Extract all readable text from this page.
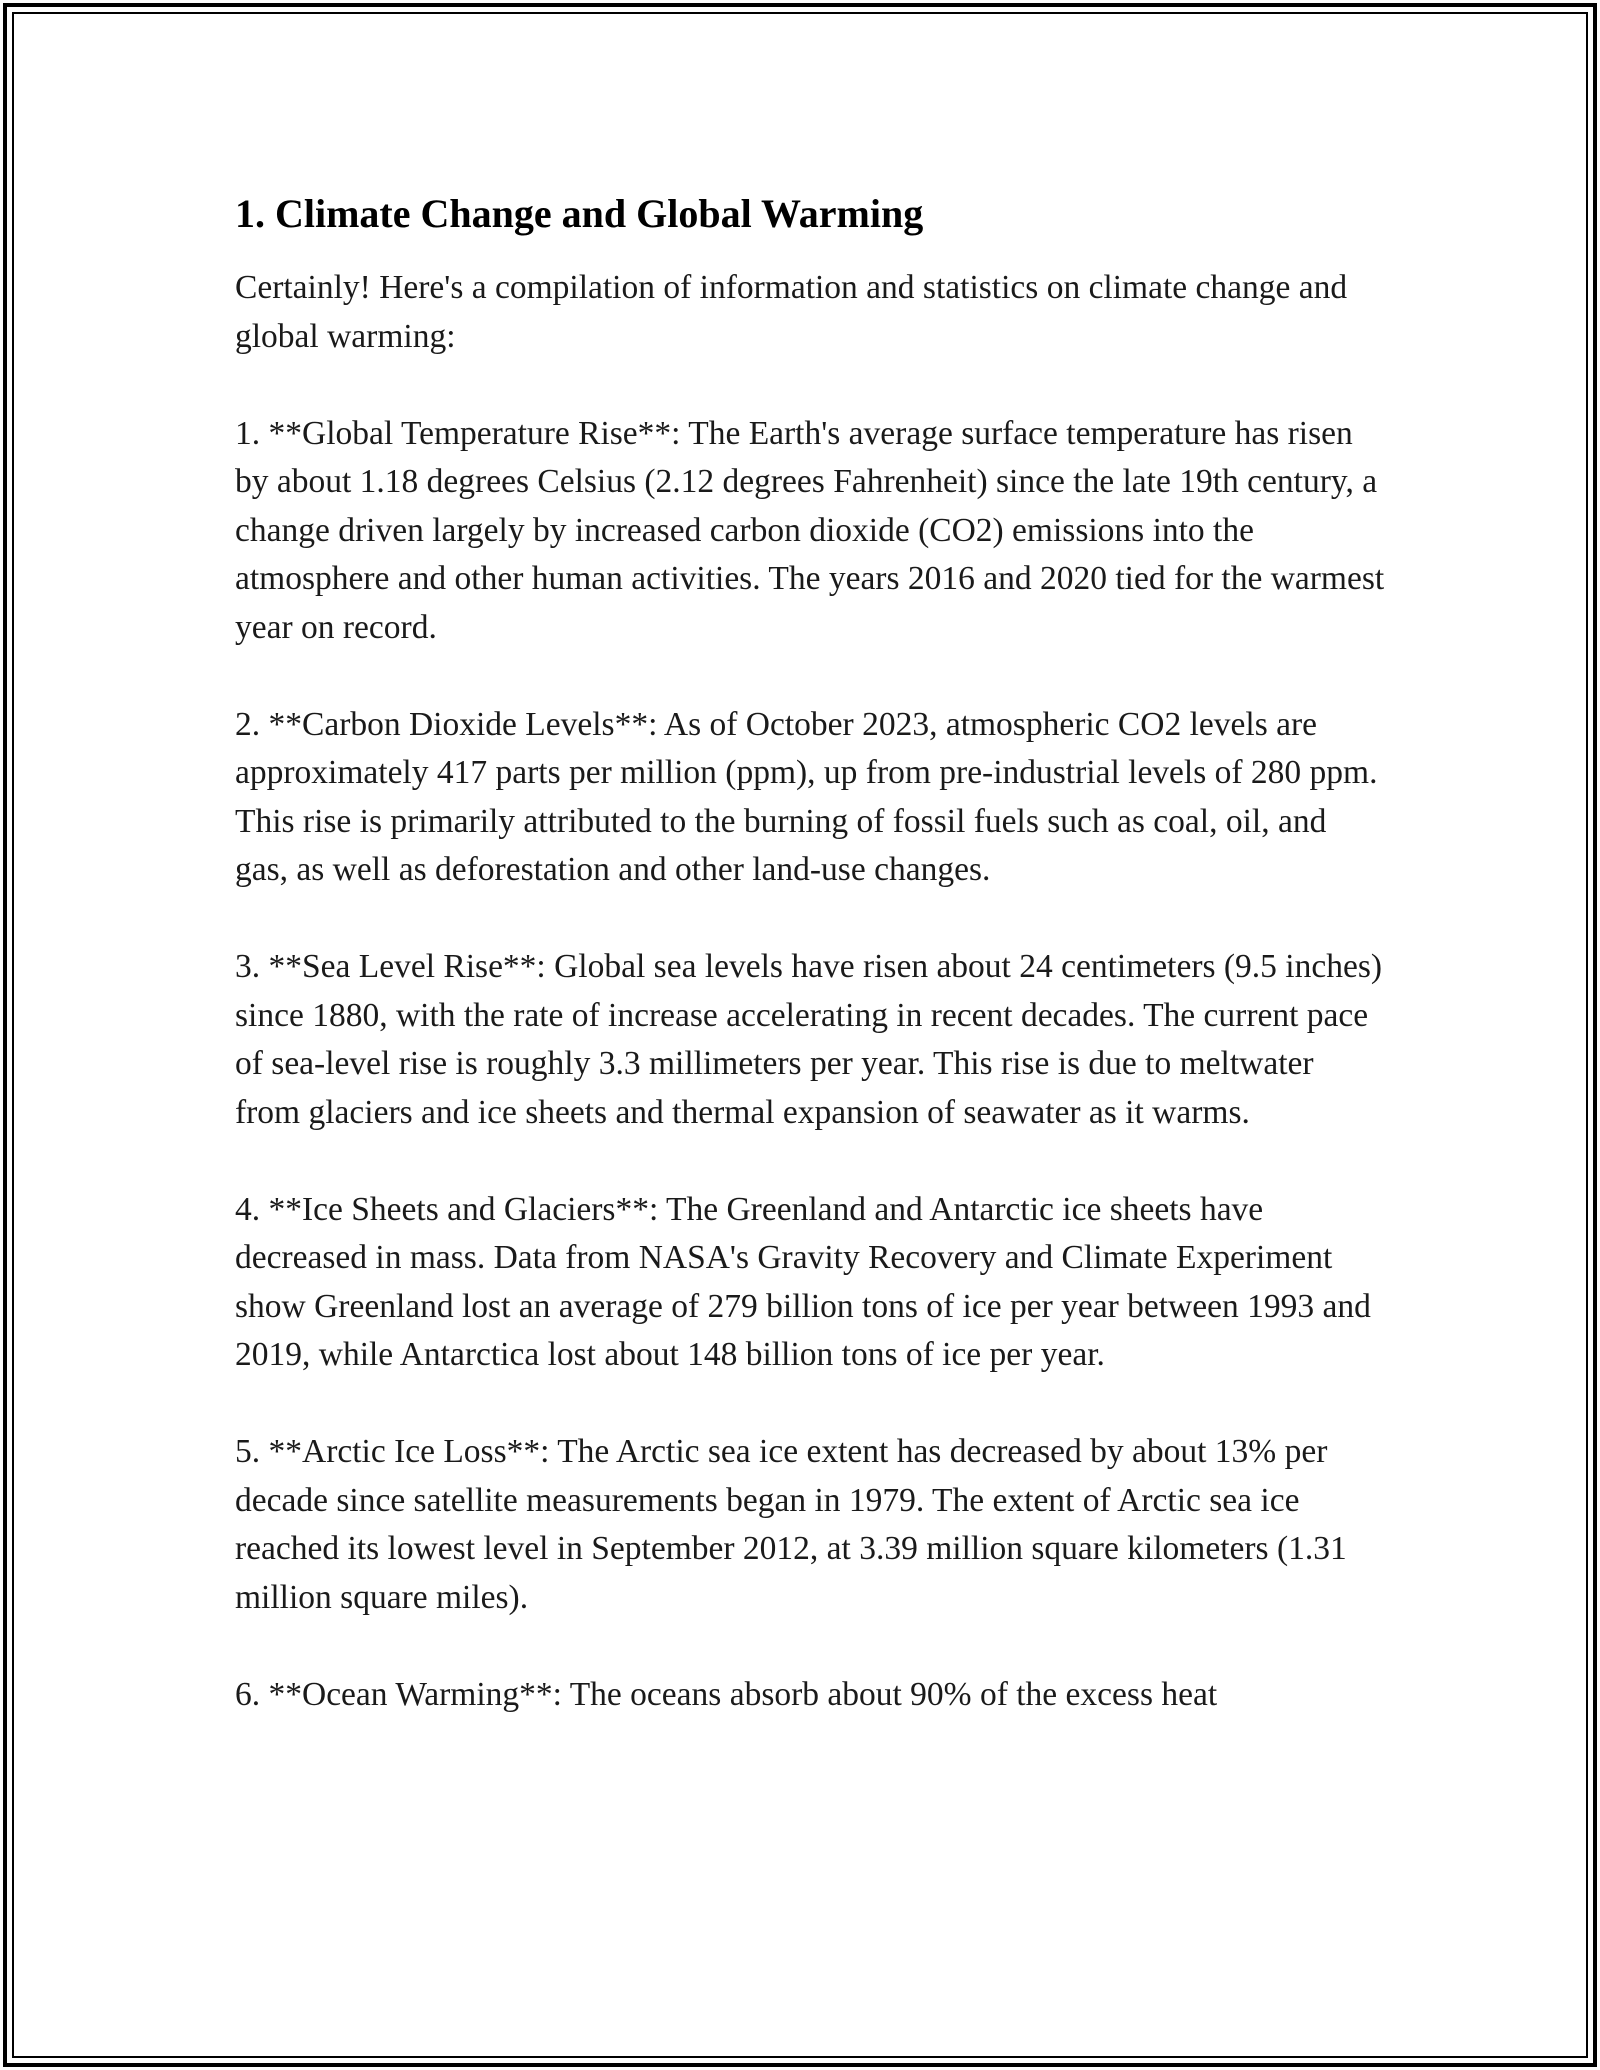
1. Climate Change and Global Warming

Certainly! Here's a compilation of information and statistics on climate change and global warming:

1. **Global Temperature Rise**: The Earth's average surface temperature has risen by about 1.18 degrees Celsius (2.12 degrees Fahrenheit) since the late 19th century, a change driven largely by increased carbon dioxide (CO2) emissions into the atmosphere and other human activities. The years 2016 and 2020 tied for the warmest year on record.

2. **Carbon Dioxide Levels**: As of October 2023, atmospheric CO2 levels are approximately 417 parts per million (ppm), up from pre-industrial levels of 280 ppm. This rise is primarily attributed to the burning of fossil fuels such as coal, oil, and gas, as well as deforestation and other land-use changes.

3. **Sea Level Rise**: Global sea levels have risen about 24 centimeters (9.5 inches) since 1880, with the rate of increase accelerating in recent decades. The current pace of sea-level rise is roughly 3.3 millimeters per year. This rise is due to meltwater from glaciers and ice sheets and thermal expansion of seawater as it warms.

4. **Ice Sheets and Glaciers**: The Greenland and Antarctic ice sheets have decreased in mass. Data from NASA's Gravity Recovery and Climate Experiment show Greenland lost an average of 279 billion tons of ice per year between 1993 and 2019, while Antarctica lost about 148 billion tons of ice per year.

5. **Arctic Ice Loss**: The Arctic sea ice extent has decreased by about 13% per decade since satellite measurements began in 1979. The extent of Arctic sea ice reached its lowest level in September 2012, at 3.39 million square kilometers (1.31 million square miles).

6. **Ocean Warming**: The oceans absorb about 90% of the excess heat
